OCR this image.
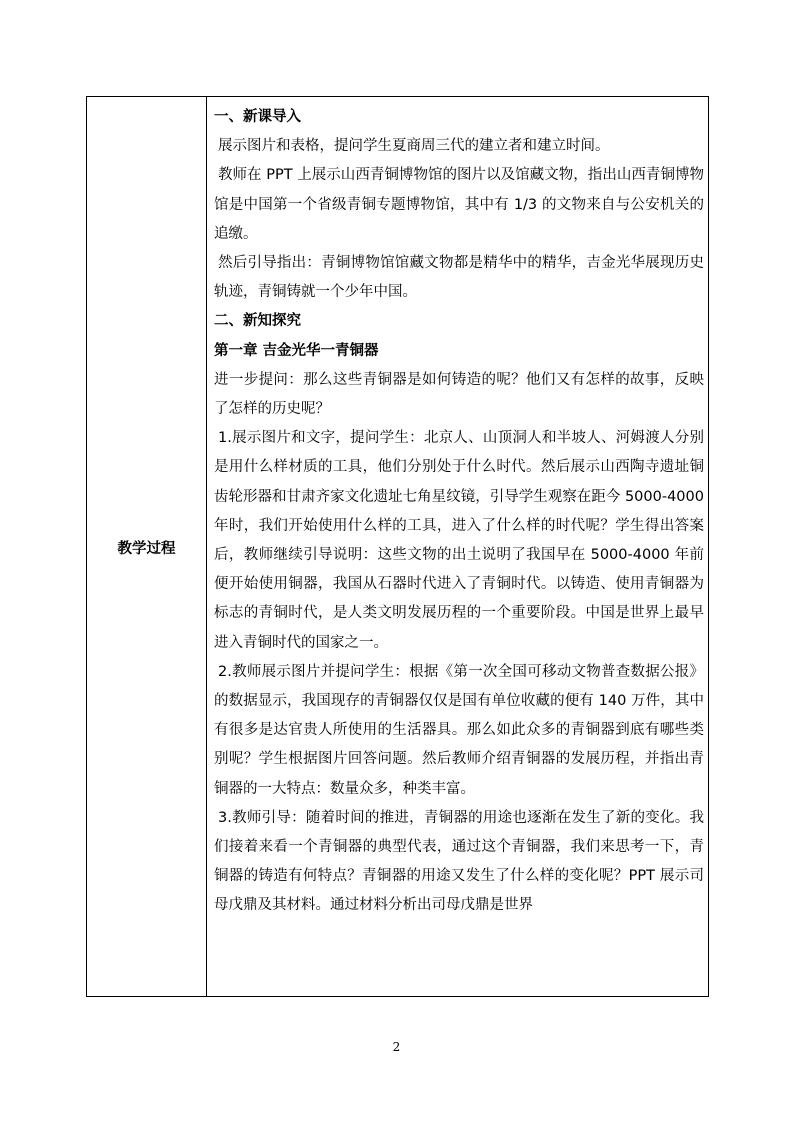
教学过程

一、新课导入

展示图片和表格，提问学生夏商周三代的建立者和建立时间。

教师在 PPT 上展示山西青铜博物馆的图片以及馆藏文物，指出山西青铜博物馆是中国第一个省级青铜专题博物馆，其中有 1/3 的文物来自与公安机关的追缴。

然后引导指出：青铜博物馆馆藏文物都是精华中的精华，吉金光华展现历史轨迹，青铜铸就一个少年中国。

二、新知探究

第一章 吉金光华一青铜器

进一步提问：那么这些青铜器是如何铸造的呢？他们又有怎样的故事，反映了怎样的历史呢？

1.展示图片和文字，提问学生：北京人、山顶洞人和半坡人、河姆渡人分别是用什么样材质的工具，他们分别处于什么时代。然后展示山西陶寺遗址铜齿轮形器和甘肃齐家文化遗址七角星纹镜，引导学生观察在距今 5000-4000 年时，我们开始使用什么样的工具，进入了什么样的时代呢？学生得出答案后，教师继续引导说明：这些文物的出土说明了我国早在 5000-4000 年前便开始使用铜器，我国从石器时代进入了青铜时代。以铸造、使用青铜器为标志的青铜时代，是人类文明发展历程的一个重要阶段。中国是世界上最早进入青铜时代的国家之一。

2.教师展示图片并提问学生：根据《第一次全国可移动文物普查数据公报》的数据显示，我国现存的青铜器仅仅是国有单位收藏的便有 140 万件，其中有很多是达官贵人所使用的生活器具。那么如此众多的青铜器到底有哪些类别呢？学生根据图片回答问题。然后教师介绍青铜器的发展历程，并指出青铜器的一大特点：数量众多，种类丰富。

3.教师引导：随着时间的推进，青铜器的用途也逐渐在发生了新的变化。我们接着来看一个青铜器的典型代表，通过这个青铜器，我们来思考一下，青铜器的铸造有何特点？青铜器的用途又发生了什么样的变化呢？PPT 展示司母戊鼎及其材料。通过材料分析出司母戊鼎是世界

2
